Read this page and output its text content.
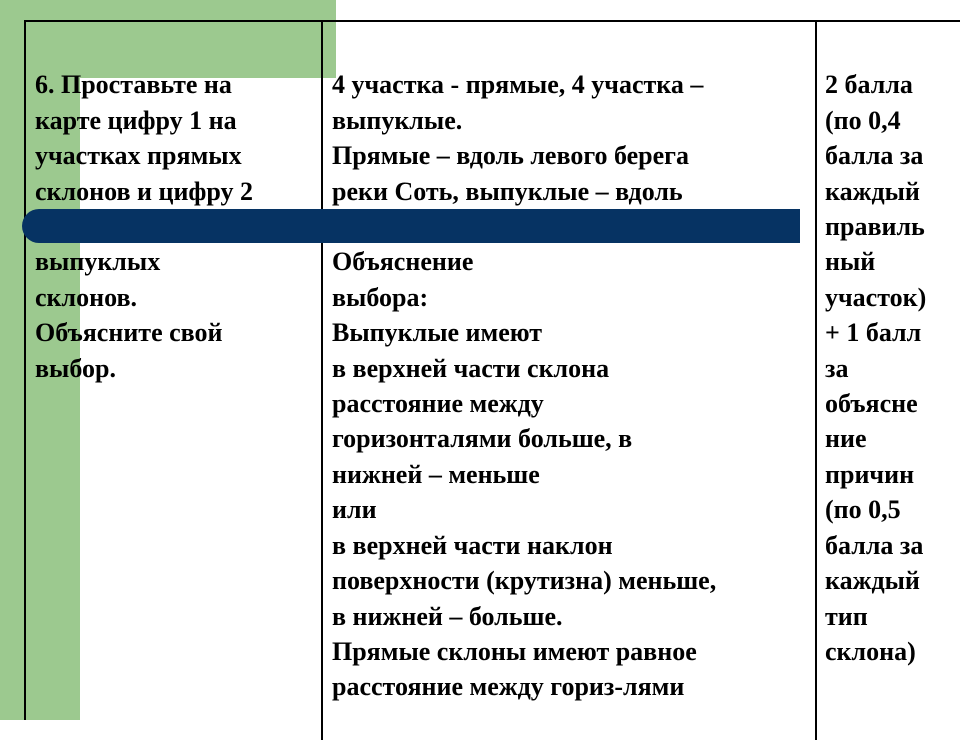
6. Проставьте на
карте цифру 1 на
участках прямых
склонов и цифру 2

выпуклых
склонов.
Объясните свой
выбор.

4 участка - прямые, 4 участка –
выпуклые.
Прямые – вдоль левого берега
реки Соть, выпуклые – вдоль

Объяснение
выбора:
Выпуклые имеют
в верхней части склона
расстояние между
горизонталями больше, в
нижней – меньше
или
в верхней части наклон
поверхности (крутизна) меньше,
в нижней – больше.
Прямые склоны имеют равное
расстояние между гориз-лями

2 балла
(по 0,4
балла за
каждый
правиль
ный
участок)
+ 1 балл
за
объясне
ние
причин
(по 0,5
балла за
каждый
тип
склона)
